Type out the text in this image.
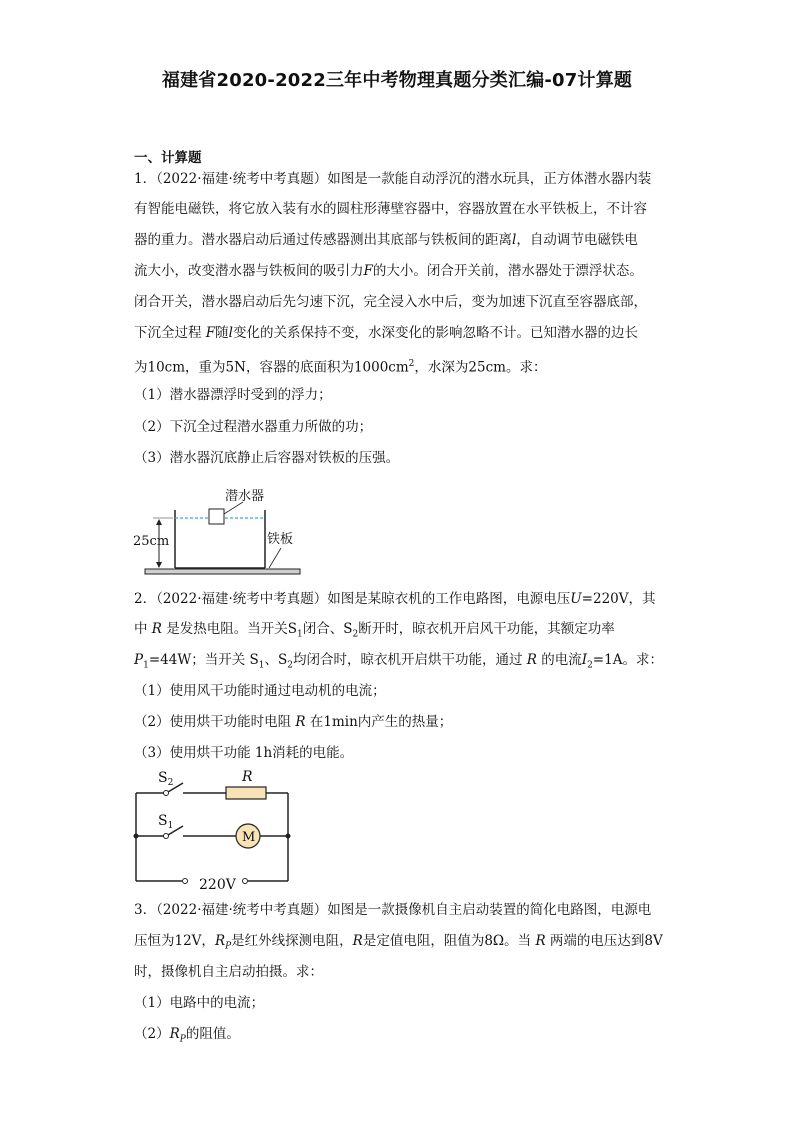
福建省2020-2022三年中考物理真题分类汇编-07计算题
一、计算题
1．（2022·福建·统考中考真题）如图是一款能自动浮沉的潜水玩具，正方体潜水器内装
有智能电磁铁，将它放入装有水的圆柱形薄壁容器中，容器放置在水平铁板上，不计容
器的重力。潜水器启动后通过传感器测出其底部与铁板间的距离l，自动调节电磁铁电
流大小，改变潜水器与铁板间的吸引力F的大小。闭合开关前，潜水器处于漂浮状态。
闭合开关，潜水器启动后先匀速下沉，完全浸入水中后，变为加速下沉直至容器底部，
下沉全过程 F随l变化的关系保持不变，水深变化的影响忽略不计。已知潜水器的边长
为10cm，重为5N，容器的底面积为$1000cm^2$，水深为25cm。求：
（1）潜水器漂浮时受到的浮力；
（2）下沉全过程潜水器重力所做的功；
（3）潜水器沉底静止后容器对铁板的压强。
潜水器
铁板
25cm
2．（2022·福建·统考中考真题）如图是某晾衣机的工作电路图，电源电压U=220V，其
中 R 是发热电阻。当开关$S_1$闭合、$S_2$断开时，晾衣机开启风干功能，其额定功率
$P_1=44W$；当开关 $S_1$、$S_2$均闭合时，晾衣机开启烘干功能，通过 R 的电流$I_2=1A$。求：
（1）使用风干功能时通过电动机的电流；
（2）使用烘干功能时电阻 R 在1min内产生的热量；
（3）使用烘干功能 1h消耗的电能。
$S_2$	R
M
$S_1$
220V
3．（2022·福建·统考中考真题）如图是一款摄像机自主启动装置的简化电路图，电源电
压恒为12V，$R_P$是红外线探测电阻，R是定值电阻，阻值为8Ω。当 R 两端的电压达到8V
时，摄像机自主启动拍摄。求：
（1）电路中的电流；
$(2)R_P$的阻值。
